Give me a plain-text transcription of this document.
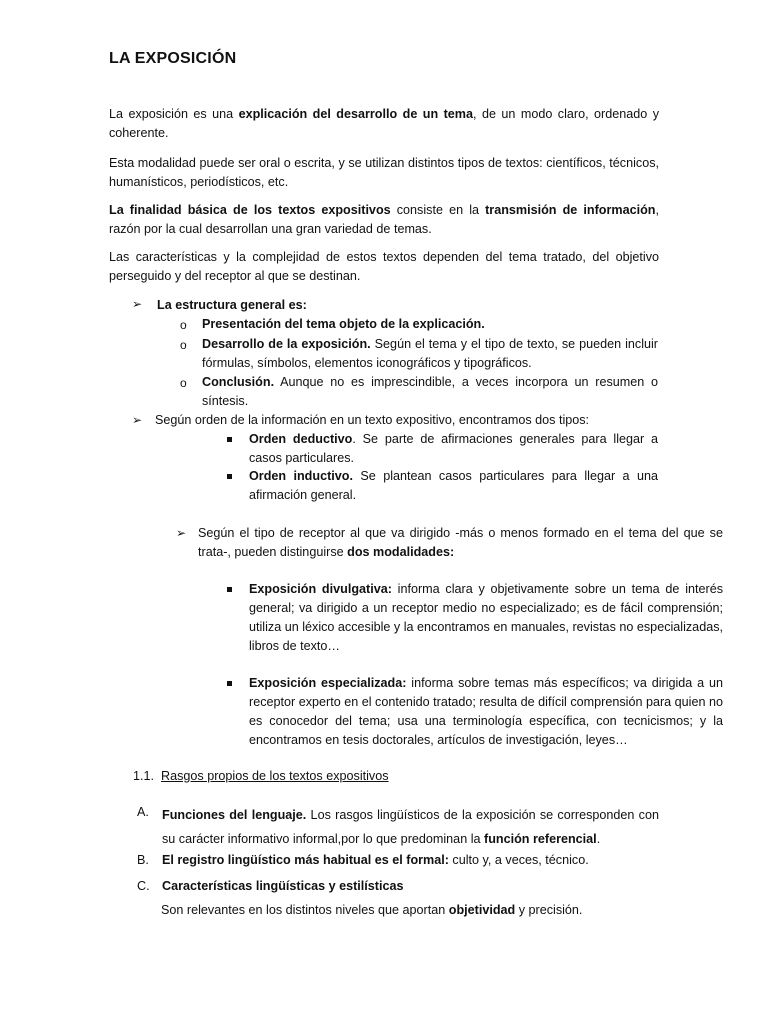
LA EXPOSICIÓN
La exposición es una explicación del desarrollo de un tema, de un modo claro, ordenado y coherente.
Esta modalidad puede ser oral o escrita, y se utilizan distintos tipos de textos: científicos, técnicos, humanísticos, periodísticos, etc.
La finalidad básica de los textos expositivos consiste en la transmisión de información, razón por la cual desarrollan una gran variedad de temas.
Las características y la complejidad de estos textos dependen del tema tratado, del objetivo perseguido y del receptor al que se destinan.
➢ La estructura general es:
o Presentación del tema objeto de la explicación.
o Desarrollo de la exposición. Según el tema y el tipo de texto, se pueden incluir fórmulas, símbolos, elementos iconográficos y tipográficos.
o Conclusión. Aunque no es imprescindible, a veces incorpora un resumen o síntesis.
➢ Según orden de la información en un texto expositivo, encontramos dos tipos:
Orden deductivo. Se parte de afirmaciones generales para llegar a casos particulares.
Orden inductivo. Se plantean casos particulares para llegar a una afirmación general.
➢ Según el tipo de receptor al que va dirigido -más o menos formado en el tema del que se trata-, pueden distinguirse dos modalidades:
Exposición divulgativa: informa clara y objetivamente sobre un tema de interés general; va dirigido a un receptor medio no especializado; es de fácil comprensión; utiliza un léxico accesible y la encontramos en manuales, revistas no especializadas, libros de texto…
Exposición especializada: informa sobre temas más específicos; va dirigida a un receptor experto en el contenido tratado; resulta de difícil comprensión para quien no es conocedor del tema; usa una terminología específica, con tecnicismos; y la encontramos en tesis doctorales, artículos de investigación, leyes…
1.1. Rasgos propios de los textos expositivos
A. Funciones del lenguaje. Los rasgos lingüísticos de la exposición se corresponden con su carácter informativo informal,por lo que predominan la función referencial.
B. El registro lingüístico más habitual es el formal: culto y, a veces, técnico.
C. Características lingüísticas y estilísticas
Son relevantes en los distintos niveles que aportan objetividad y precisión.
